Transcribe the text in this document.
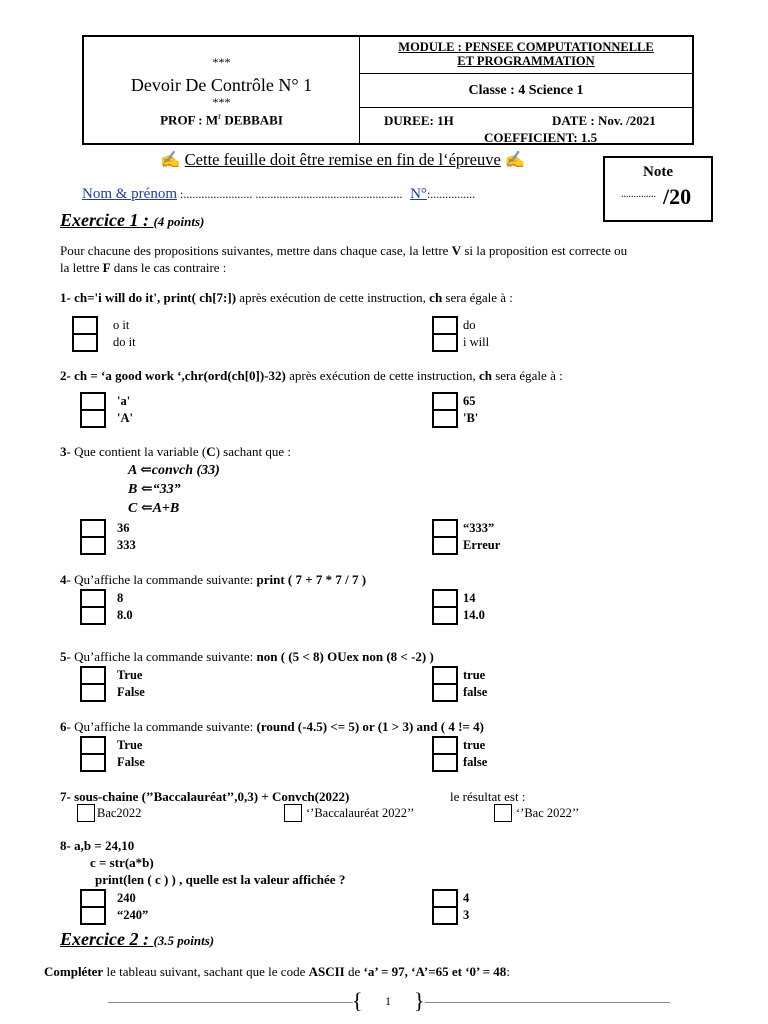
***
Devoir De Contrôle N° 1
***
PROF : $M^r$ DEBBABI
MODULE : PENSEE COMPUTATIONNELLE
ET PROGRAMMATION
Classe : 4 Science 1
DUREE: 1H	DATE : Nov. /2021
COEFFICIENT: 1.5
✍ Cette feuille doit être remise en fin de l‘épreuve ✍
Note
.............. /20
Nom & prénom :....................... ................................................. N°:...............
Exercice 1 : (4 points)
Pour chacune des propositions suivantes, mettre dans chaque case, la lettre V si la proposition est correcte ou
la lettre F dans le cas contraire :
1- ch='i will do it', print( ch[7:]) après exécution de cette instruction, ch sera égale à :
o it
do it
do
i will
2- ch = ‘a good work ‘,chr(ord(ch[0])-32) après exécution de cette instruction, ch sera égale à :
'a'
'A'
65
'B'
3- Que contient la variable (C) sachant que :
A ⇐convch (33)
B ⇐“33”
C ⇐A+B
36
333
“333”
Erreur
4- Qu’affiche la commande suivante: print ( 7 + 7 * 7 / 7 )
8
8.0
14
14.0
5- Qu’affiche la commande suivante: non ( (5 < 8) OUex non (8 < -2) )
True
False
true
false
6- Qu’affiche la commande suivante: (round (-4.5) <= 5) or (1 > 3) and ( 4 != 4)
True
False
true
false
7- sous-chaine (’’Baccalauréat’’,0,3) + Convch(2022)	le résultat est :
Bac2022	‘’Baccalauréat 2022’’	‘’Bac 2022’’
8- a,b = 24,10
c = str(a*b)
print(len ( c ) ) , quelle est la valeur affichée ?
240
“240”
4
3
Exercice 2 : (3.5 points)
Compléter le tableau suivant, sachant que le code ASCII de ‘a’ = 97, ‘A’=65 et ‘0’ = 48:
{ }
1
